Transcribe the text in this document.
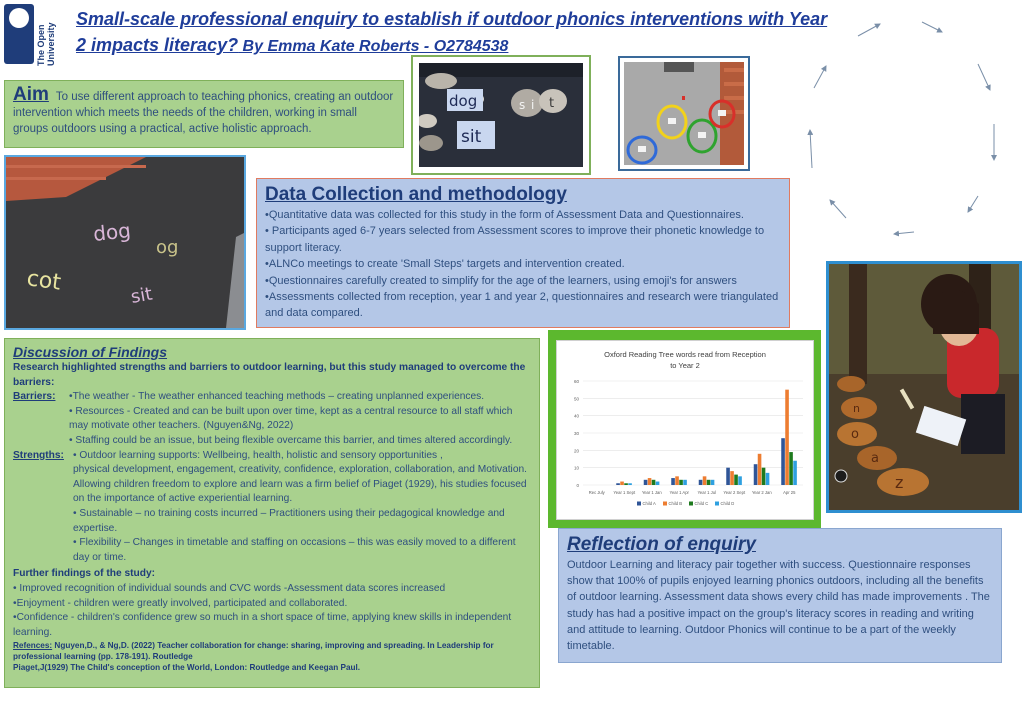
The Open University
Small-scale professional enquiry to establish if outdoor phonics interventions with Year 2 impacts literacy? By Emma Kate Roberts - O2784538
Aim To use different approach to teaching phonics, creating an outdoor intervention which meets the needs of the children, working in small groups outdoors using a practical, active holistic approach.
dog
sit
s i t
dog
cot
sit
og
Data Collection and methodology
•Quantitative data was collected for this study in the form of Assessment Data and Questionnaires.
• Participants aged 6-7 years selected from Assessment scores to improve their phonetic knowledge to support literacy.
•ALNCo meetings to create 'Small Steps' targets and intervention created.
•Questionnaires carefully created to simplify for the age of the learners, using emoji's for answers
•Assessments collected from reception, year 1 and year 2, questionnaires and research were triangulated and data compared.
Assessments
ALNCo meetings
Research
Questionnaires
Outdoor activities
Assessments
Outdoor Activities
Assessments
Findings and reflection
o
a
n
z
Discussion of Findings
Research highlighted strengths and barriers to outdoor learning, but this study managed to overcome the barriers:
Barriers:	•The weather - The weather enhanced teaching methods – creating unplanned experiences.
• Resources - Created and can be built upon over time, kept as a central resource to all staff which may motivate other teachers. (Nguyen&Ng, 2022)
• Staffing could be an issue, but being flexible overcame this barrier, and times altered accordingly.
Strengths: • Outdoor learning supports: Wellbeing, health, holistic and sensory opportunities ,
physical development, engagement, creativity, confidence, exploration, collaboration, and Motivation. Allowing children freedom to explore and learn was a firm belief of Piaget (1929), his studies focused on the importance of active experiential learning.
• Sustainable – no training costs incurred – Practitioners using their pedagogical knowledge and expertise.
• Flexibility – Changes in timetable and staffing on occasions – this was easily moved to a different day or time.
Further findings of the study:
• Improved recognition of individual sounds and CVC words -Assessment data scores increased
•Enjoyment - children were greatly involved, participated and collaborated.
•Confidence - children's confidence grew so much in a short space of time, applying knew skills in independent learning.
Refences: Nguyen,D., & Ng,D. (2022) Teacher collaboration for change: sharing, improving and spreading. In Leadership for professional learning (pp. 178-191). Routledge
Piaget,J(1929) The Child's conception of the World, London: Routledge and Keegan Paul.
Oxford Reading Tree words read from Reception
to Year 2
0
10
20
30
40
50
60
Rec July Year 1 Sept Year 1 Jan Year 1 Apr Year 1 Jul Year 2 Sept Year 2 Jan	Apr 25
Child A	Child B	Child C	Child D
Reflection of enquiry
Outdoor Learning and literacy pair together with success. Questionnaire responses show that 100% of pupils enjoyed learning phonics outdoors, including all the benefits of outdoor learning. Assessment data shows every child has made improvements . The study has had a positive impact on the group's literacy scores in reading and writing and attitude to learning. Outdoor Phonics will continue to be a part of the weekly timetable.
